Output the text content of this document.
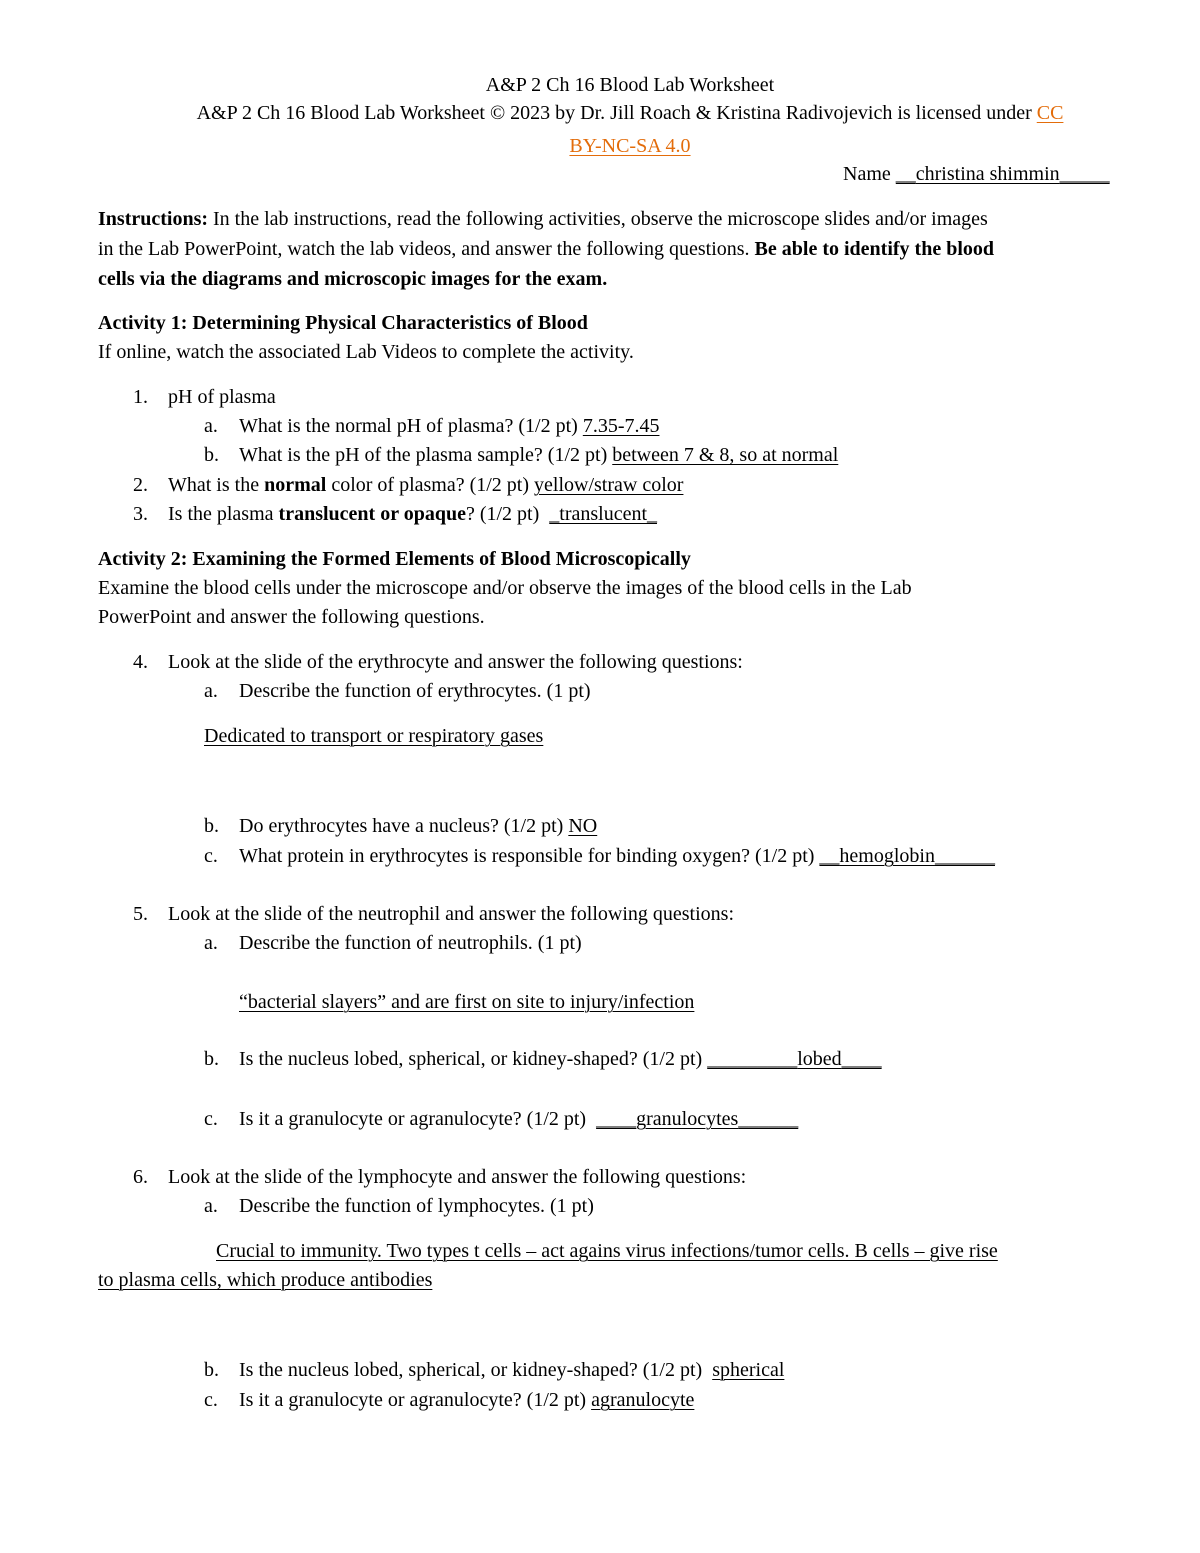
A&P 2 Ch 16 Blood Lab Worksheet
A&P 2 Ch 16 Blood Lab Worksheet © 2023 by Dr. Jill Roach & Kristina Radivojevich is licensed under CC
BY-NC-SA 4.0
Name __christina shimmin_____
Instructions: In the lab instructions, read the following activities, observe the microscope slides and/or images
in the Lab PowerPoint, watch the lab videos, and answer the following questions. Be able to identify the blood
cells via the diagrams and microscopic images for the exam.
Activity 1: Determining Physical Characteristics of Blood
If online, watch the associated Lab Videos to complete the activity.
1. pH of plasma
a. What is the normal pH of plasma? (1/2 pt) 7.35-7.45
b. What is the pH of the plasma sample? (1/2 pt) between 7 & 8, so at normal
2. What is the normal color of plasma? (1/2 pt) yellow/straw color
3. Is the plasma translucent or opaque? (1/2 pt) _translucent_
Activity 2: Examining the Formed Elements of Blood Microscopically
Examine the blood cells under the microscope and/or observe the images of the blood cells in the Lab
PowerPoint and answer the following questions.
4. Look at the slide of the erythrocyte and answer the following questions:
a. Describe the function of erythrocytes. (1 pt)
Dedicated to transport or respiratory gases
b. Do erythrocytes have a nucleus? (1/2 pt) NO
c. What protein in erythrocytes is responsible for binding oxygen? (1/2 pt) __hemoglobin______
5. Look at the slide of the neutrophil and answer the following questions:
a. Describe the function of neutrophils. (1 pt)
“bacterial slayers” and are first on site to injury/infection
b. Is the nucleus lobed, spherical, or kidney-shaped? (1/2 pt) _________lobed____
c. Is it a granulocyte or agranulocyte? (1/2 pt) ____granulocytes______
6. Look at the slide of the lymphocyte and answer the following questions:
a. Describe the function of lymphocytes. (1 pt)
Crucial to immunity. Two types t cells – act agains virus infections/tumor cells. B cells – give rise
to plasma cells, which produce antibodies
b. Is the nucleus lobed, spherical, or kidney-shaped? (1/2 pt) spherical
c. Is it a granulocyte or agranulocyte? (1/2 pt) agranulocyte
